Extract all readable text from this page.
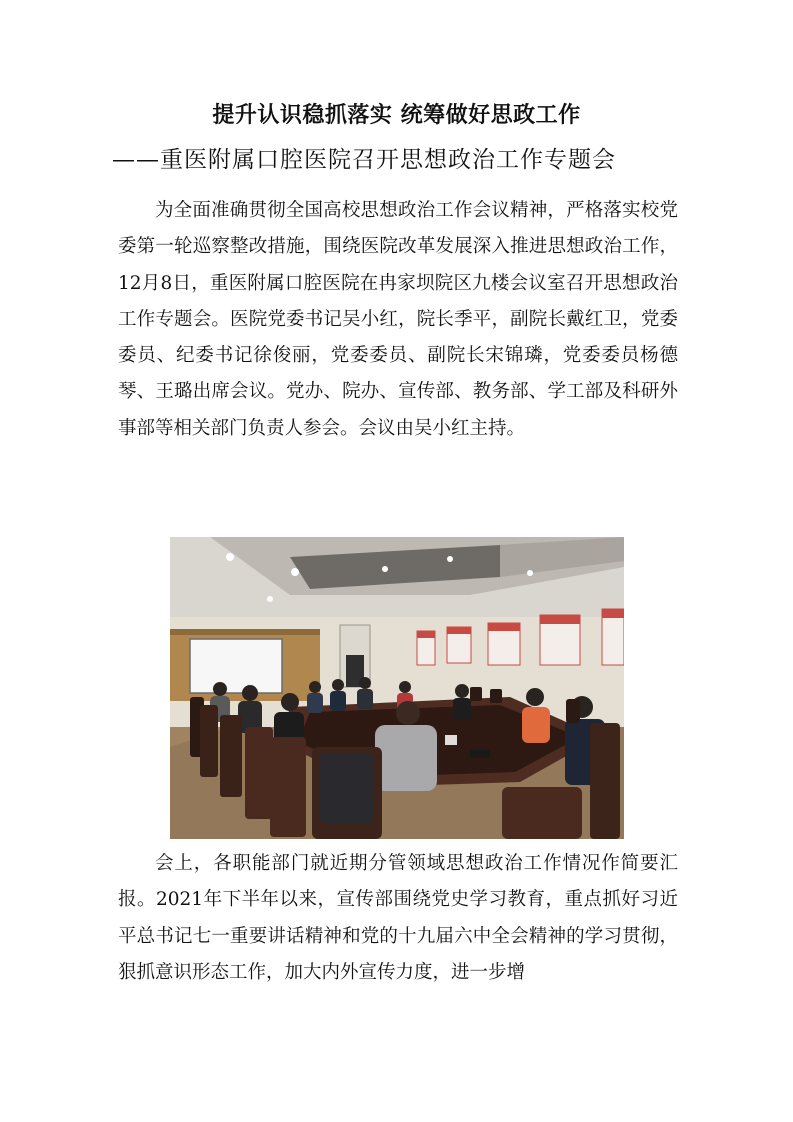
提升认识稳抓落实 统筹做好思政工作
——重医附属口腔医院召开思想政治工作专题会

为全面准确贯彻全国高校思想政治工作会议精神，严格落实校党委第一轮巡察整改措施，围绕医院改革发展深入推进思想政治工作，12月8日，重医附属口腔医院在冉家坝院区九楼会议室召开思想政治工作专题会。医院党委书记吴小红，院长季平，副院长戴红卫，党委委员、纪委书记徐俊丽，党委委员、副院长宋锦璘，党委委员杨德琴、王璐出席会议。党办、院办、宣传部、教务部、学工部及科研外事部等相关部门负责人参会。会议由吴小红主持。

会上，各职能部门就近期分管领域思想政治工作情况作简要汇报。2021年下半年以来，宣传部围绕党史学习教育，重点抓好习近平总书记七一重要讲话精神和党的十九届六中全会精神的学习贯彻，狠抓意识形态工作，加大内外宣传力度，进一步增
